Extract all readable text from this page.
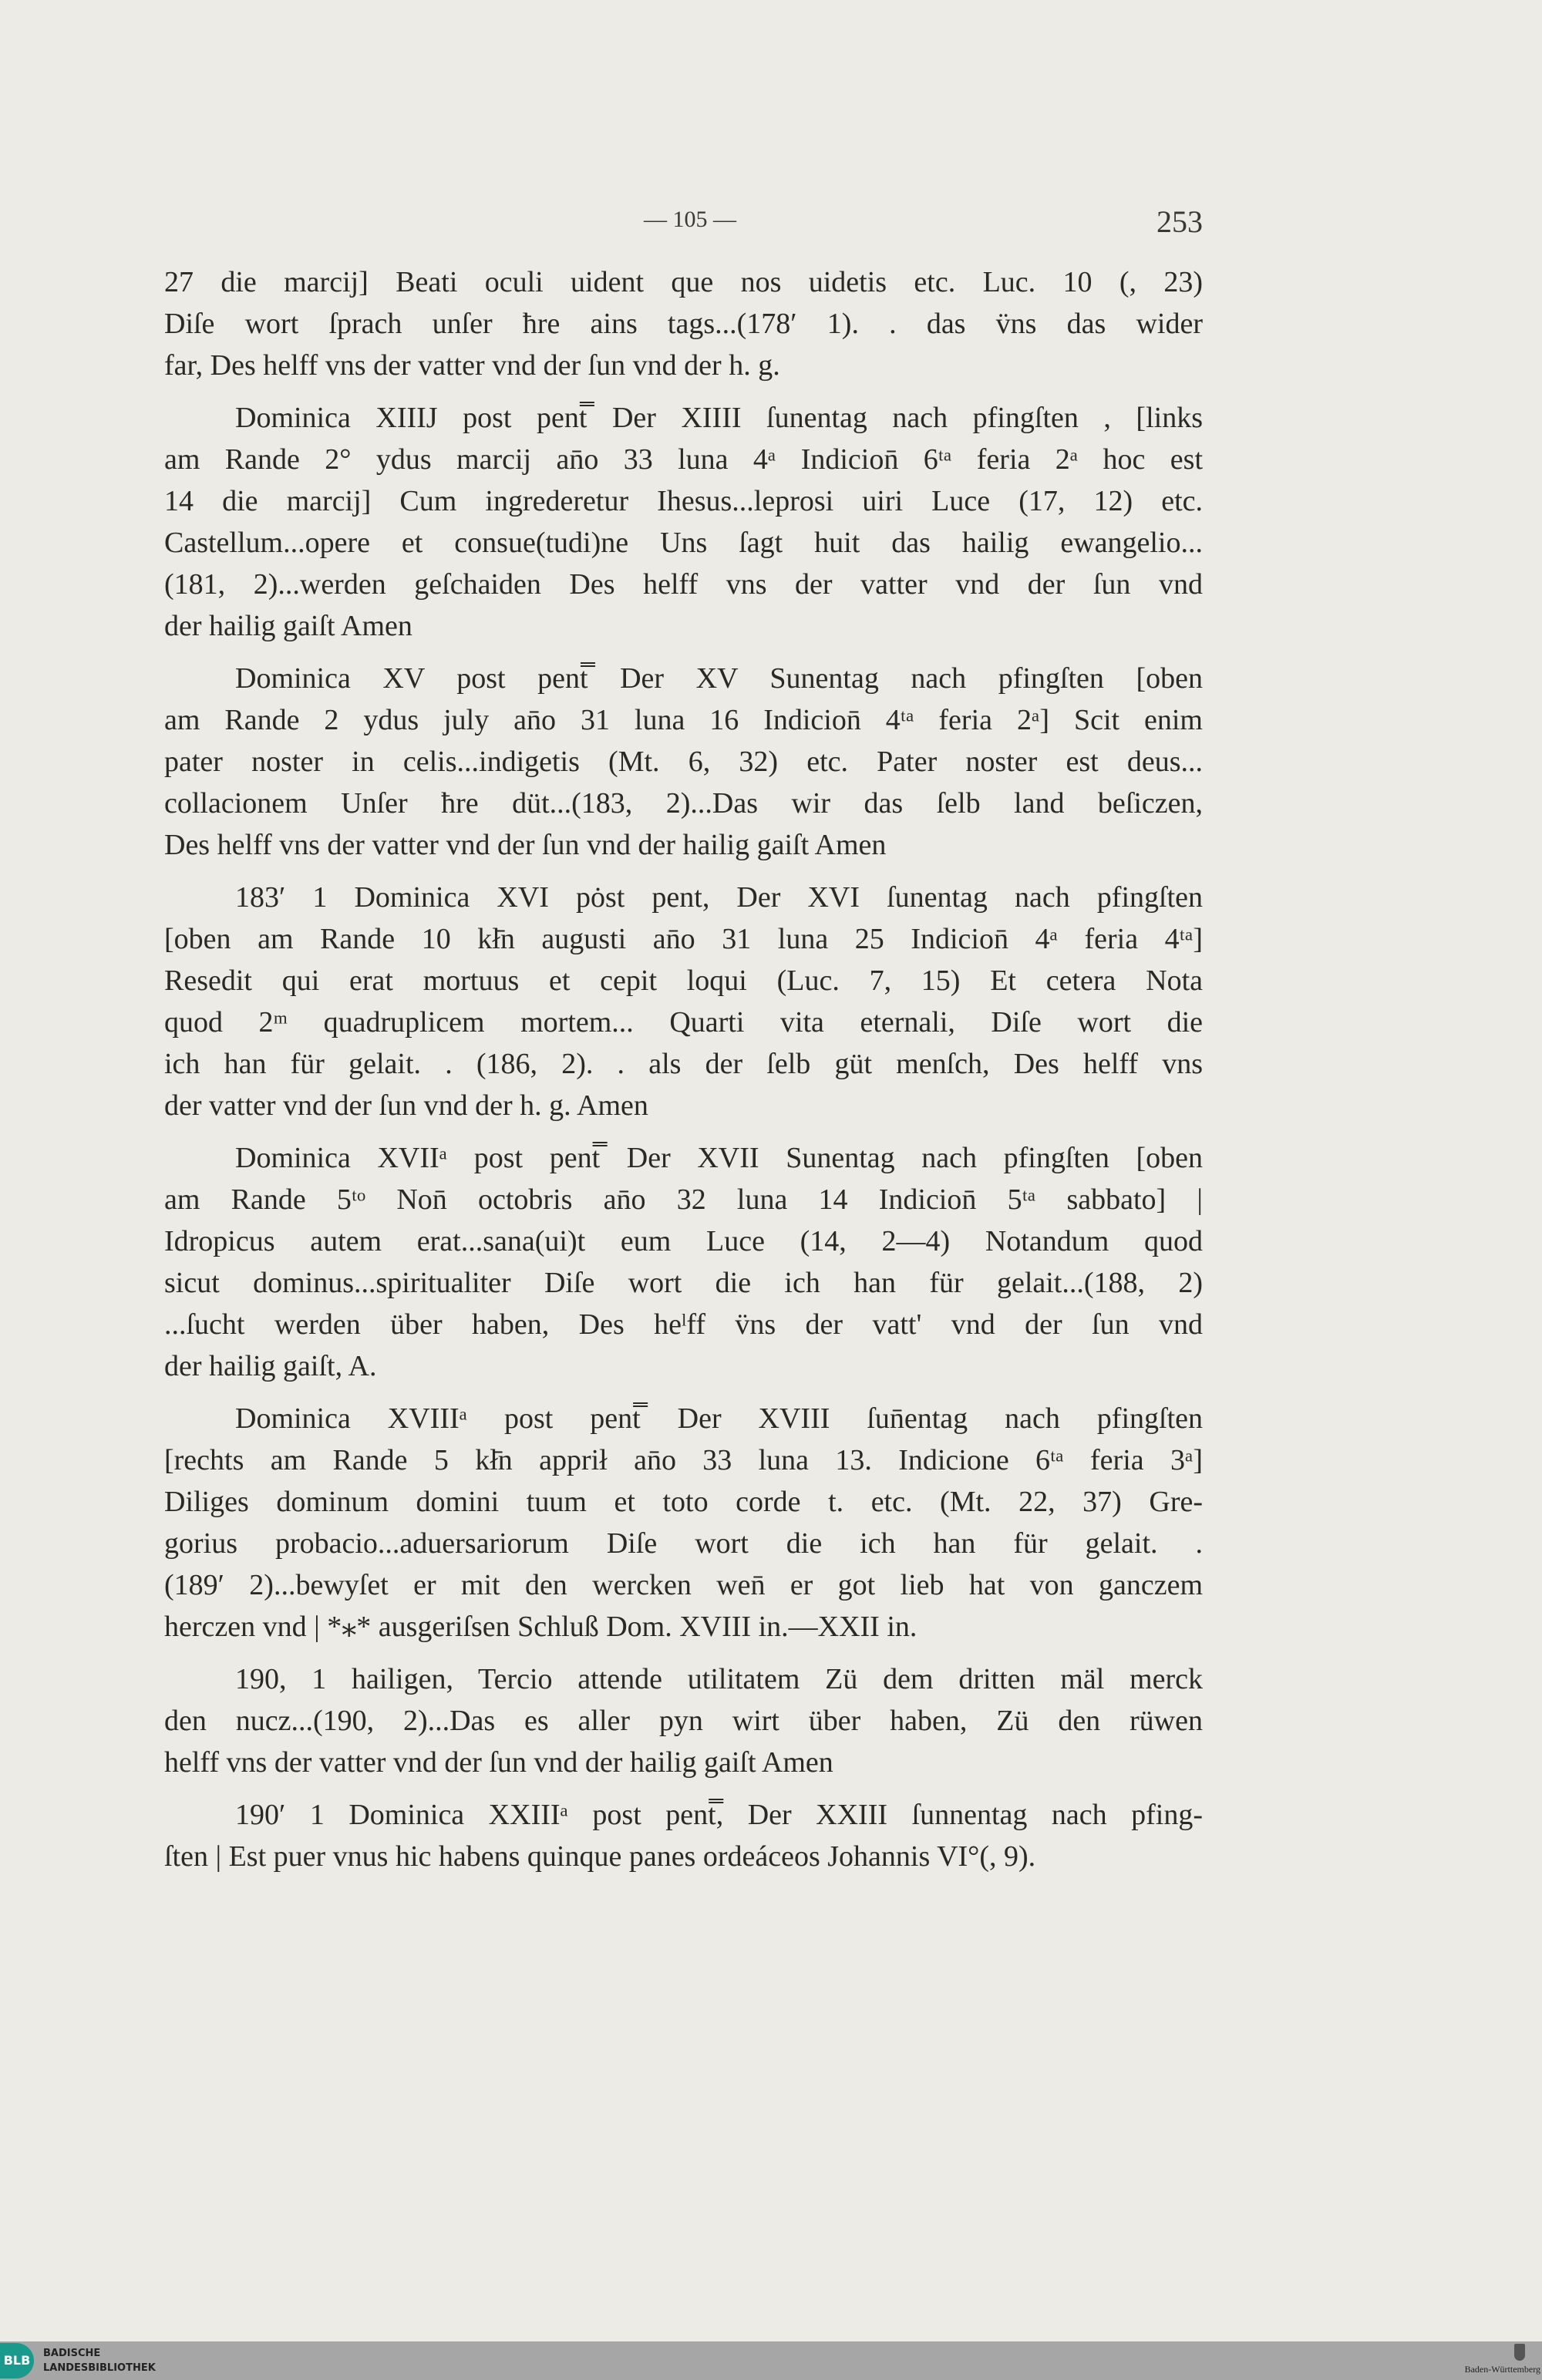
— 105 —	253
27 die marcij] Beati oculi uident que nos uidetis etc. Luc. 10 (, 23)
Diſe wort ſprach unſer ħre ains tags...(178′ 1). . das v̈ns das wider
far, Des helff vns der vatter vnd der ſun vnd der h. g.
Dominica XIIIJ post pent̿ Der XIIII ſunentag nach pfingſten , [links
am Rande 2° ydus marcij an̄o 33 luna 4ᵃ Indicion̄ 6ᵗᵃ feria 2ᵃ hoc est
14 die marcij] Cum ingrederetur Ihesus...leprosi uiri Luce (17, 12) etc.
Castellum...opere et consue(tudi)ne Uns ſagt huit das hailig ewangelio...
(181, 2)...werden geſchaiden Des helff vns der vatter vnd der ſun vnd
der hailig gaiſt Amen
Dominica XV post pent̿ Der XV Sunentag nach pfingſten [oben
am Rande 2 ydus july an̄o 31 luna 16 Indicion̄ 4ᵗᵃ feria 2ᵃ] Scit enim
pater noster in celis...indigetis (Mt. 6, 32) etc. Pater noster est deus...
collacionem Unſer ħre düt...(183, 2)...Das wir das ſelb land beſiczen,
Des helff vns der vatter vnd der ſun vnd der hailig gaiſt Amen
183′ 1 Dominica XVI pȯst pent, Der XVI ſunentag nach pfingſten
[oben am Rande 10 kł̄n augusti an̄o 31 luna 25 Indicion̄ 4ᵃ feria 4ᵗᵃ]
Resedit qui erat mortuus et cepit loqui (Luc. 7, 15) Et cetera Nota
quod 2ᵐ quadruplicem mortem... Quarti vita eternali, Diſe wort die
ich han für gelait. . (186, 2). . als der ſelb güt menſch, Des helff vns
der vatter vnd der ſun vnd der h. g. Amen
Dominica XVIIᵃ post pent̿ Der XVII Sunentag nach pfingſten [oben
am Rande 5ᵗᵒ Non̄ octobris an̄o 32 luna 14 Indicion̄ 5ᵗᵃ sabbato] |
Idropicus autem erat...sana(ui)t eum Luce (14, 2—4) Notandum quod
sicut dominus...spiritualiter Diſe wort die ich han für gelait...(188, 2)
...ſucht werden über haben, Des heˡff v̈ns der vatt' vnd der ſun vnd
der hailig gaiſt, A.
Dominica XVIIIᵃ post pent̿ Der XVIII ſun̄entag nach pfingſten
[rechts am Rande 5 kł̄n apprił an̄o 33 luna 13. Indicione 6ᵗᵃ feria 3ᵃ]
Diliges dominum domini tuum et toto corde t. etc. (Mt. 22, 37) Gre-
gorius probacio...aduersariorum Diſe wort die ich han für gelait. .
(189′ 2)...bewyſet er mit den wercken wen̄ er got lieb hat von ganczem
herczen vnd | *⁎* ausgeriſsen Schluß Dom. XVIII in.—XXII in.
190, 1 hailigen, Tercio attende utilitatem Zü dem dritten mäl merck
den nucz...(190, 2)...Das es aller pyn wirt über haben, Zü den rüwen
helff vns der vatter vnd der ſun vnd der hailig gaiſt Amen
190′ 1 Dominica XXIIIᵃ post pent̿, Der XXIII ſunnentag nach pfing-
ſten | Est puer vnus hic habens quinque panes ordeáceos Johannis VI°(, 9).
BLB	BADISCHE
LANDESBIBLIOTHEK	Baden-Württemberg
